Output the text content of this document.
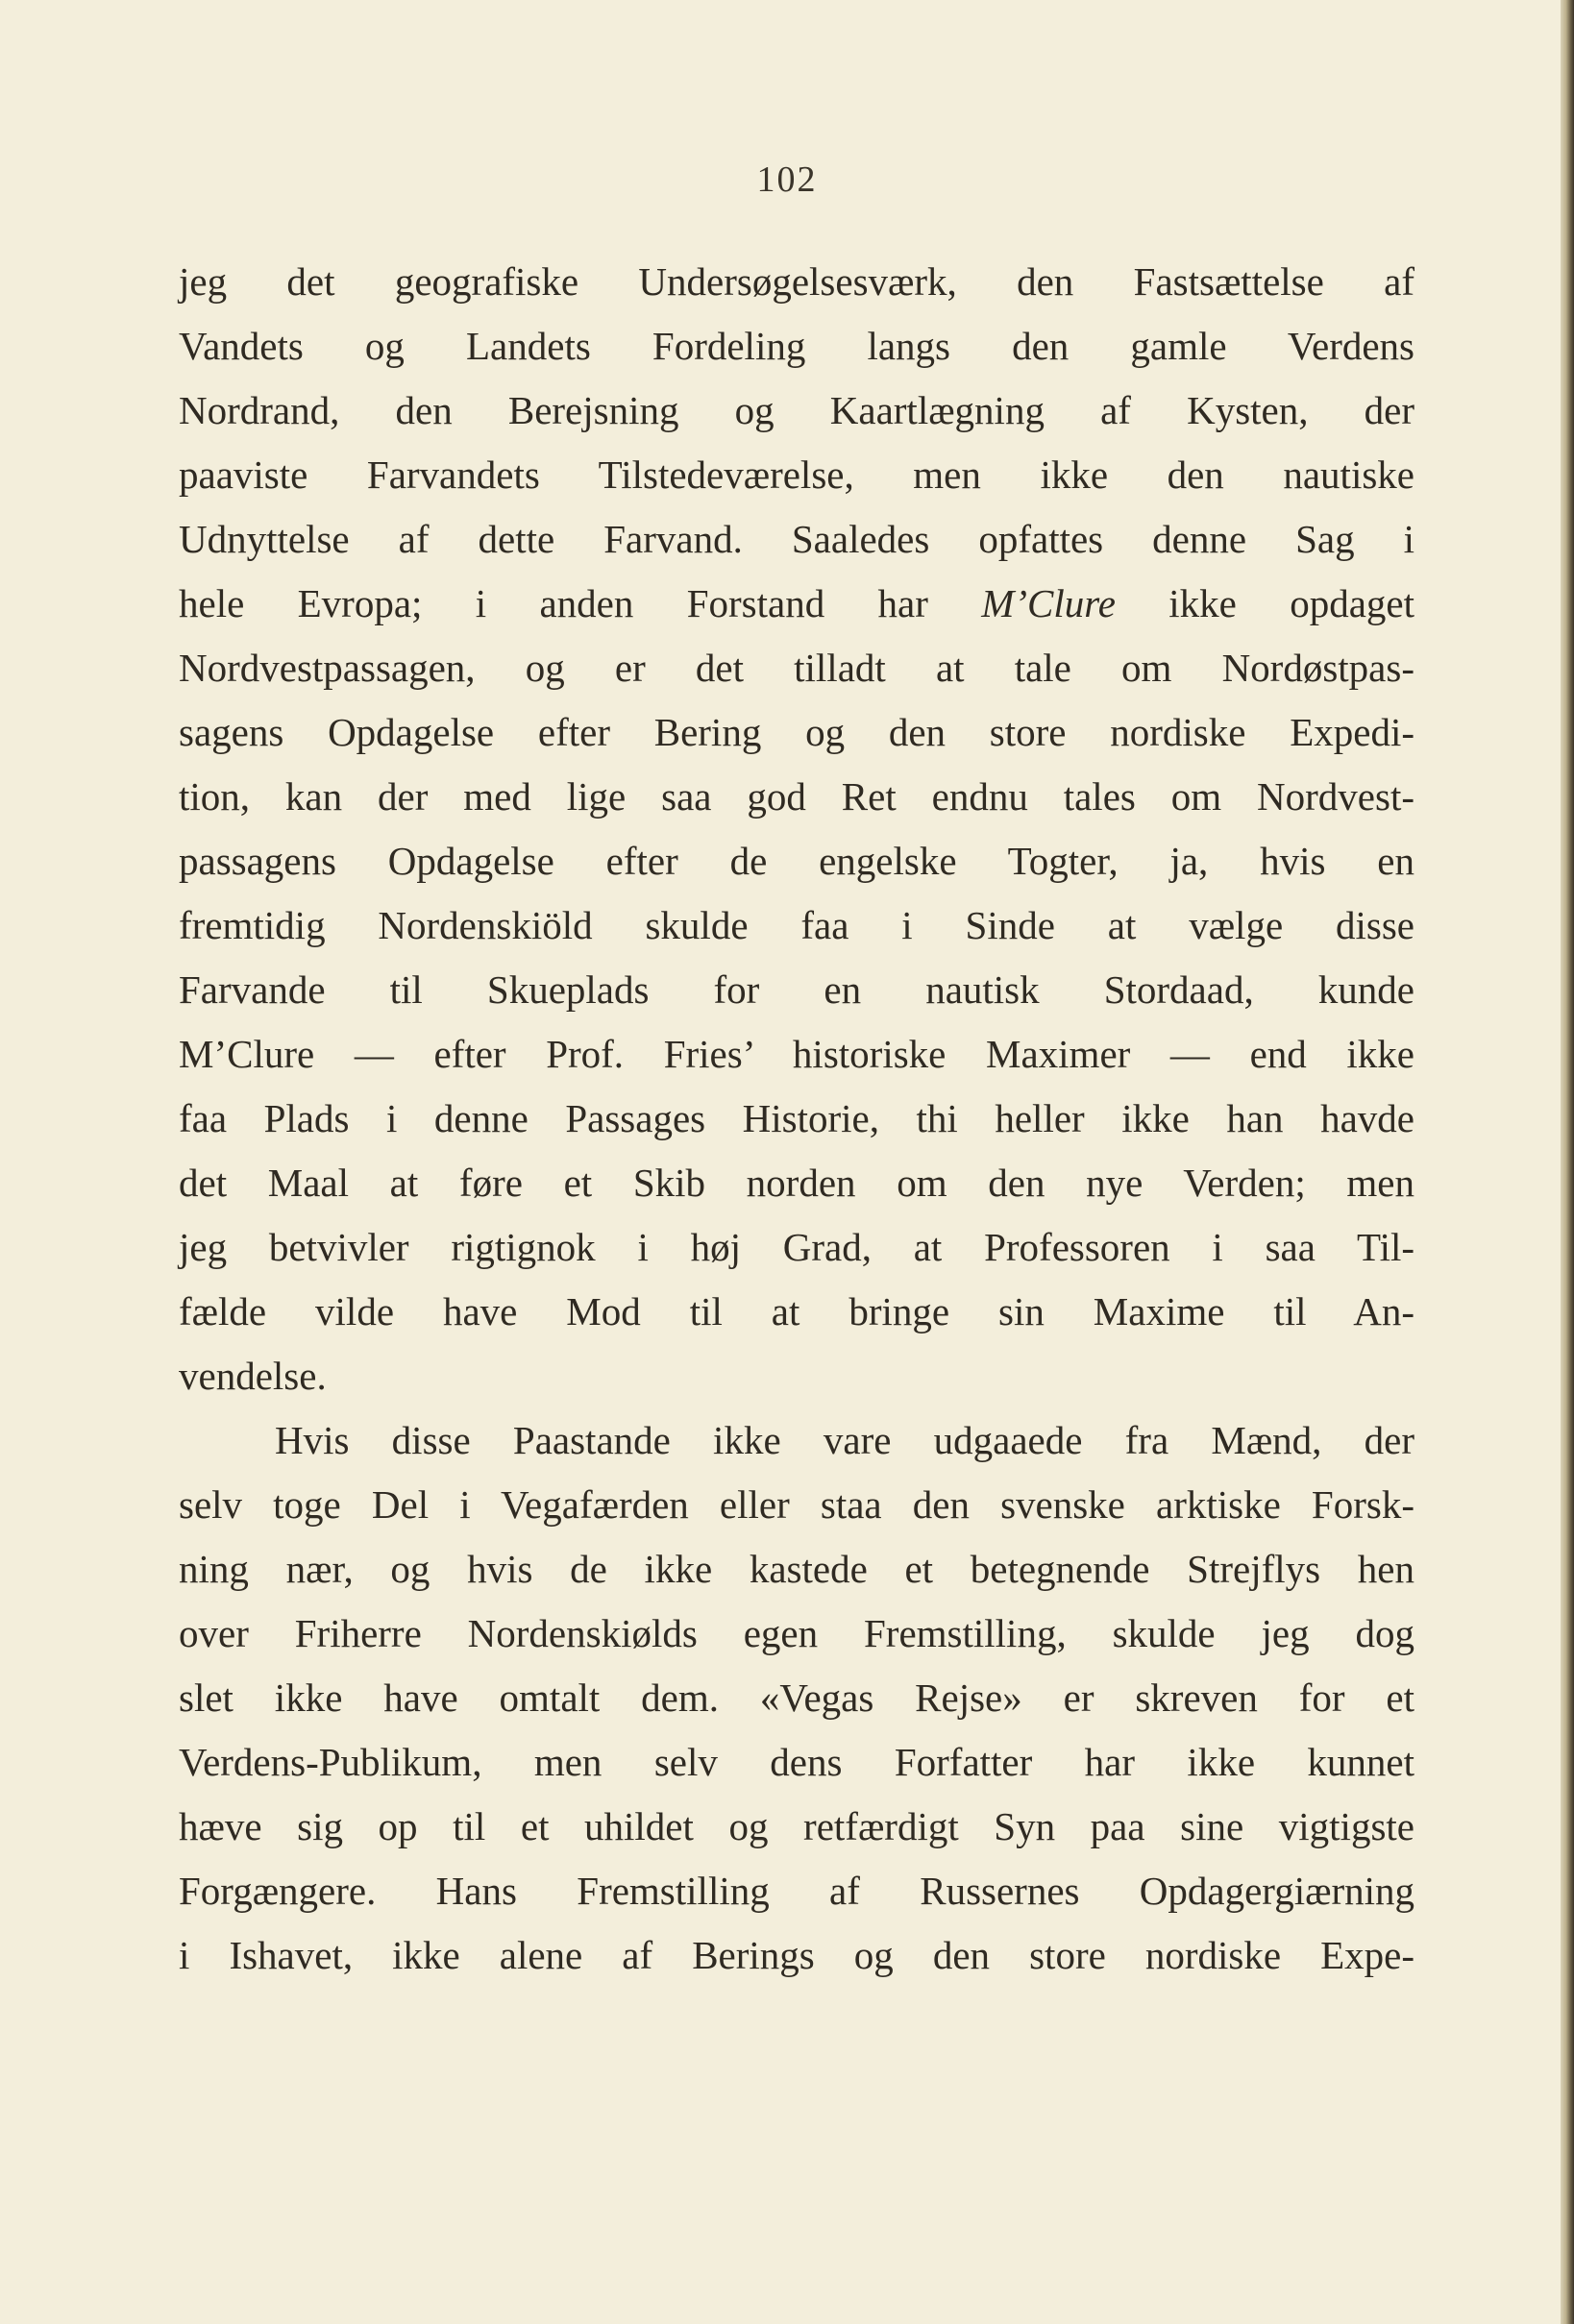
102
jeg det geografiske Undersøgelsesværk, den Fastsættelse af
Vandets og Landets Fordeling langs den gamle Verdens
Nordrand, den Berejsning og Kaartlægning af Kysten, der
paaviste Farvandets Tilstedeværelse, men ikke den nautiske
Udnyttelse af dette Farvand. Saaledes opfattes denne Sag i
hele Evropa; i anden Forstand har M’Clure ikke opdaget
Nordvestpassagen, og er det tilladt at tale om Nordøstpas-
sagens Opdagelse efter Bering og den store nordiske Expedi-
tion, kan der med lige saa god Ret endnu tales om Nordvest-
passagens Opdagelse efter de engelske Togter, ja, hvis en
fremtidig Nordenskiöld skulde faa i Sinde at vælge disse
Farvande til Skueplads for en nautisk Stordaad, kunde
M’Clure — efter Prof. Fries’ historiske Maximer — end ikke
faa Plads i denne Passages Historie, thi heller ikke han havde
det Maal at føre et Skib norden om den nye Verden; men
jeg betvivler rigtignok i høj Grad, at Professoren i saa Til-
fælde vilde have Mod til at bringe sin Maxime til An-
vendelse.
Hvis disse Paastande ikke vare udgaaede fra Mænd, der
selv toge Del i Vegafærden eller staa den svenske arktiske Forsk-
ning nær, og hvis de ikke kastede et betegnende Strejflys hen
over Friherre Nordenskiølds egen Fremstilling, skulde jeg dog
slet ikke have omtalt dem. «Vegas Rejse» er skreven for et
Verdens-Publikum, men selv dens Forfatter har ikke kunnet
hæve sig op til et uhildet og retfærdigt Syn paa sine vigtigste
Forgængere. Hans Fremstilling af Russernes Opdagergiærning
i Ishavet, ikke alene af Berings og den store nordiske Expe-
